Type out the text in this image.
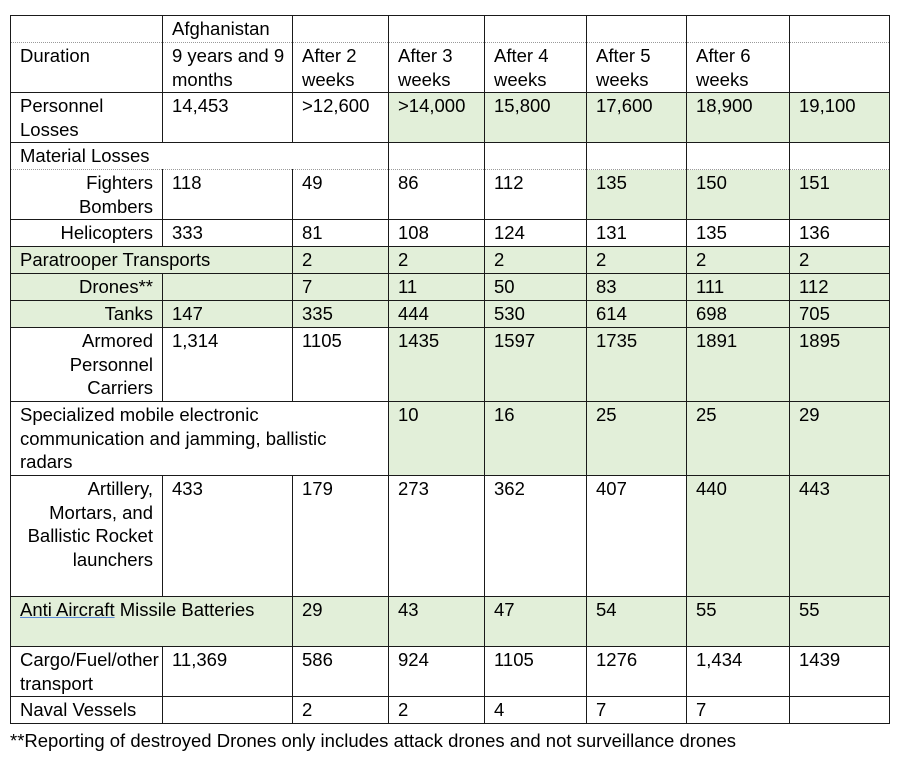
	Afghanistan						
Duration	9 years and 9 months	After 2 weeks	After 3 weeks	After 4 weeks	After 5 weeks	After 6 weeks	
Personnel Losses	14,453	>12,600	>14,000	15,800	17,600	18,900	19,100
Material Losses							
Fighters Bombers	118	49	86	112	135	150	151
Helicopters	333	81	108	124	131	135	136
Paratrooper Transports		2	2	2	2	2	2
Drones**		7	11	50	83	111	112
Tanks	147	335	444	530	614	698	705
Armored Personnel Carriers	1,314	1105	1435	1597	1735	1891	1895
Specialized mobile electronic communication and jamming, ballistic radars			10	16	25	25	29
Artillery, Mortars, and Ballistic Rocket launchers	433	179	273	362	407	440	443
Anti Aircraft Missile Batteries		29	43	47	54	55	55
Cargo/Fuel/other transport	11,369	586	924	1105	1276	1,434	1439
Naval Vessels		2	2	4	7	7	
**Reporting of destroyed Drones only includes attack drones and not surveillance drones
